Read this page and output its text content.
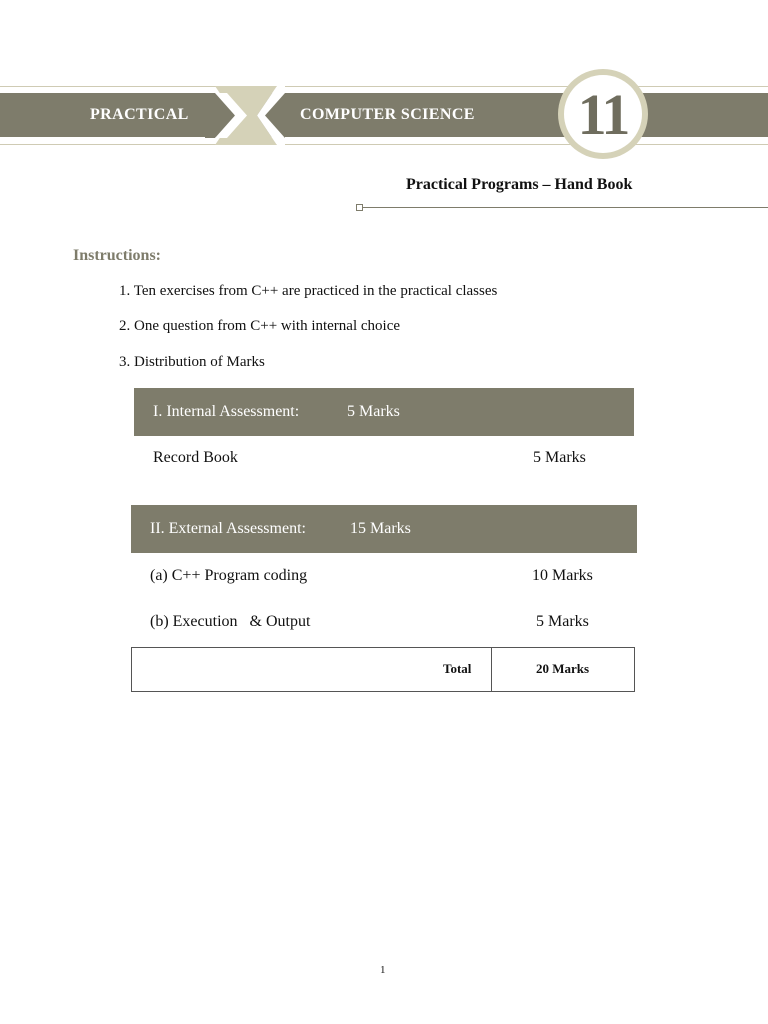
PRACTICAL	COMPUTER SCIENCE 11
Practical Programs – Hand Book
Instructions:
1. Ten exercises from C++ are practiced in the practical classes
2. One question from C++ with internal choice
3. Distribution of Marks
I. Internal Assessment:	5 Marks
Record Book	5 Marks
II. External Assessment:	15 Marks
(a) C++ Program coding	10 Marks
(b) Execution   & Output	5 Marks
Total	20 Marks
1
